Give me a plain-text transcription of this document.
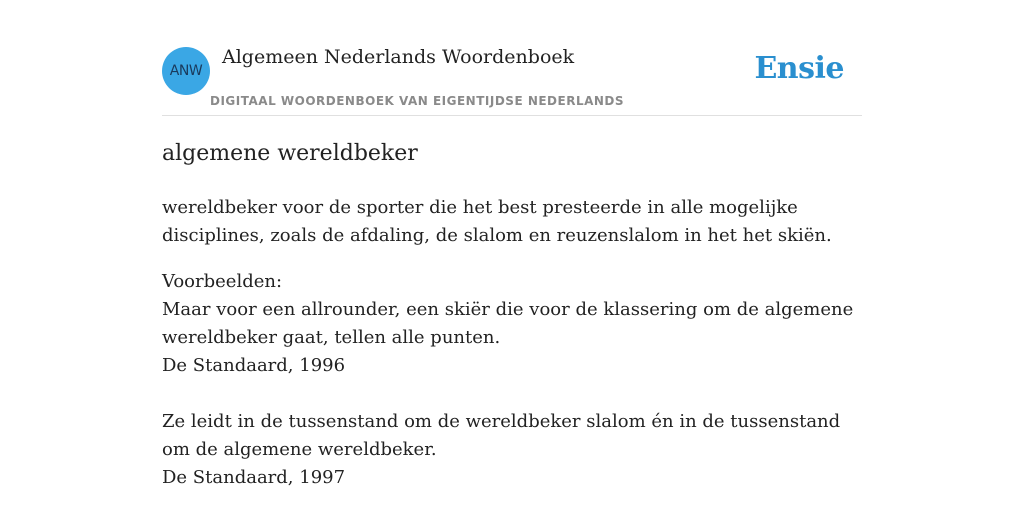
ANW
Algemeen Nederlands Woordenboek
DIGITAAL WOORDENBOEK VAN EIGENTIJDSE NEDERLANDS
Ensie
algemene wereldbeker
wereldbeker voor de sporter die het best presteerde in alle mogelijke disciplines, zoals de afdaling, de slalom en reuzenslalom in het het skiën.
Voorbeelden:
Maar voor een allrounder, een skiër die voor de klassering om de algemene wereldbeker gaat, tellen alle punten.
De Standaard, 1996
Ze leidt in de tussenstand om de wereldbeker slalom én in de tussenstand om de algemene wereldbeker.
De Standaard, 1997
